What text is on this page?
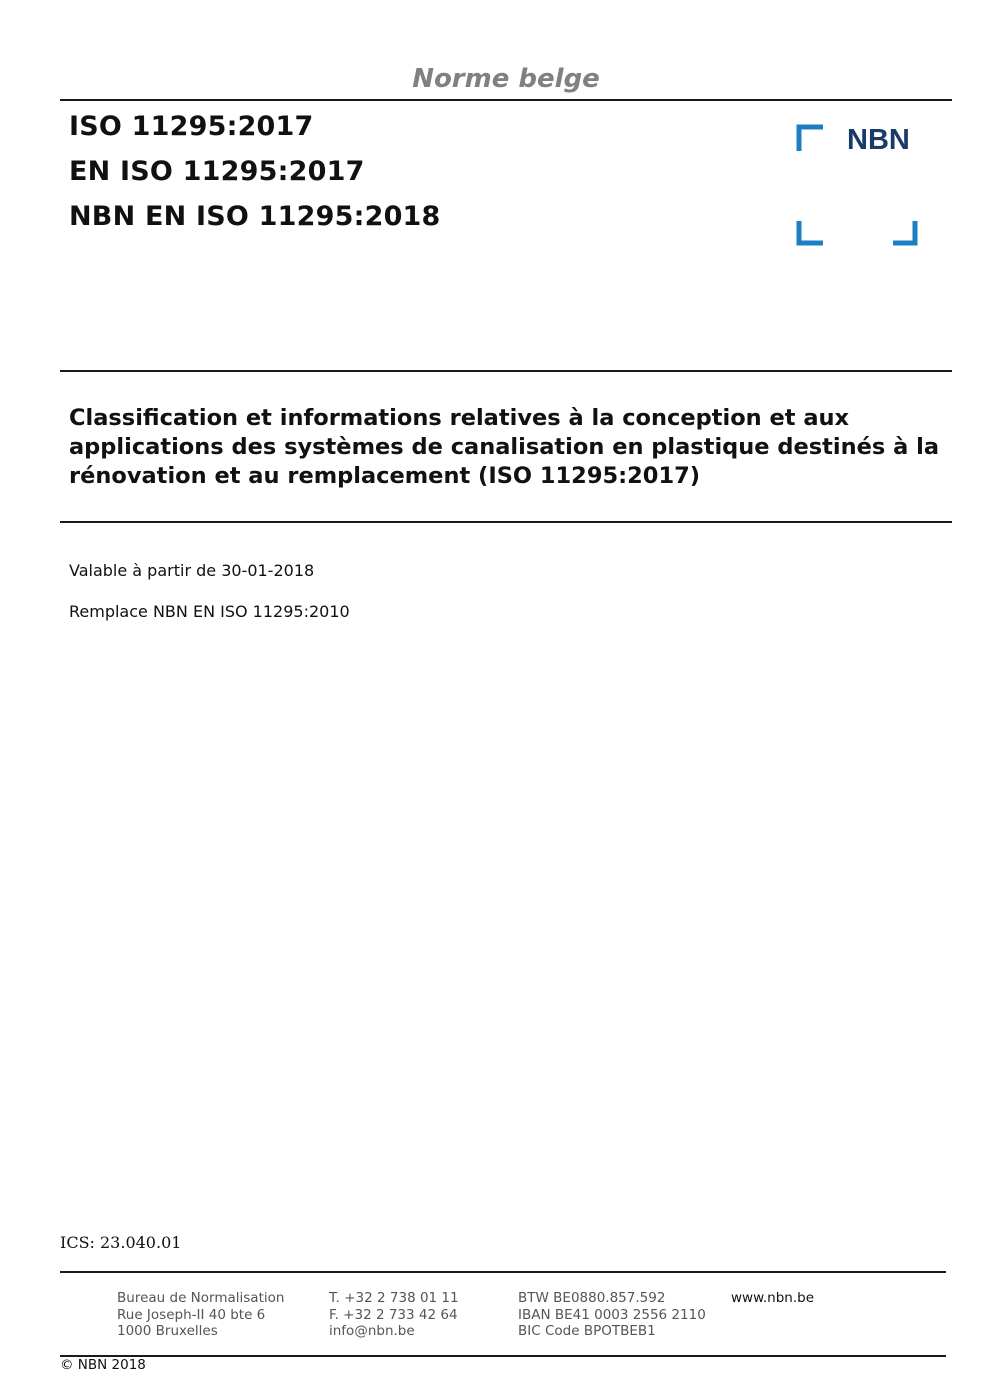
Norme belge
ISO 11295:2017
EN ISO 11295:2017
NBN EN ISO 11295:2018
NBN
Classification et informations relatives à la conception et aux applications des systèmes de canalisation en plastique destinés à la rénovation et au remplacement (ISO 11295:2017)
Valable à partir de 30-01-2018
Remplace NBN EN ISO 11295:2010
ICS: 23.040.01
Bureau de Normalisation
Rue Joseph-II 40 bte 6
1000 Bruxelles
T. +32 2 738 01 11
F. +32 2 733 42 64
info@nbn.be
BTW BE0880.857.592
IBAN BE41 0003 2556 2110
BIC Code BPOTBEB1
www.nbn.be
© NBN 2018
